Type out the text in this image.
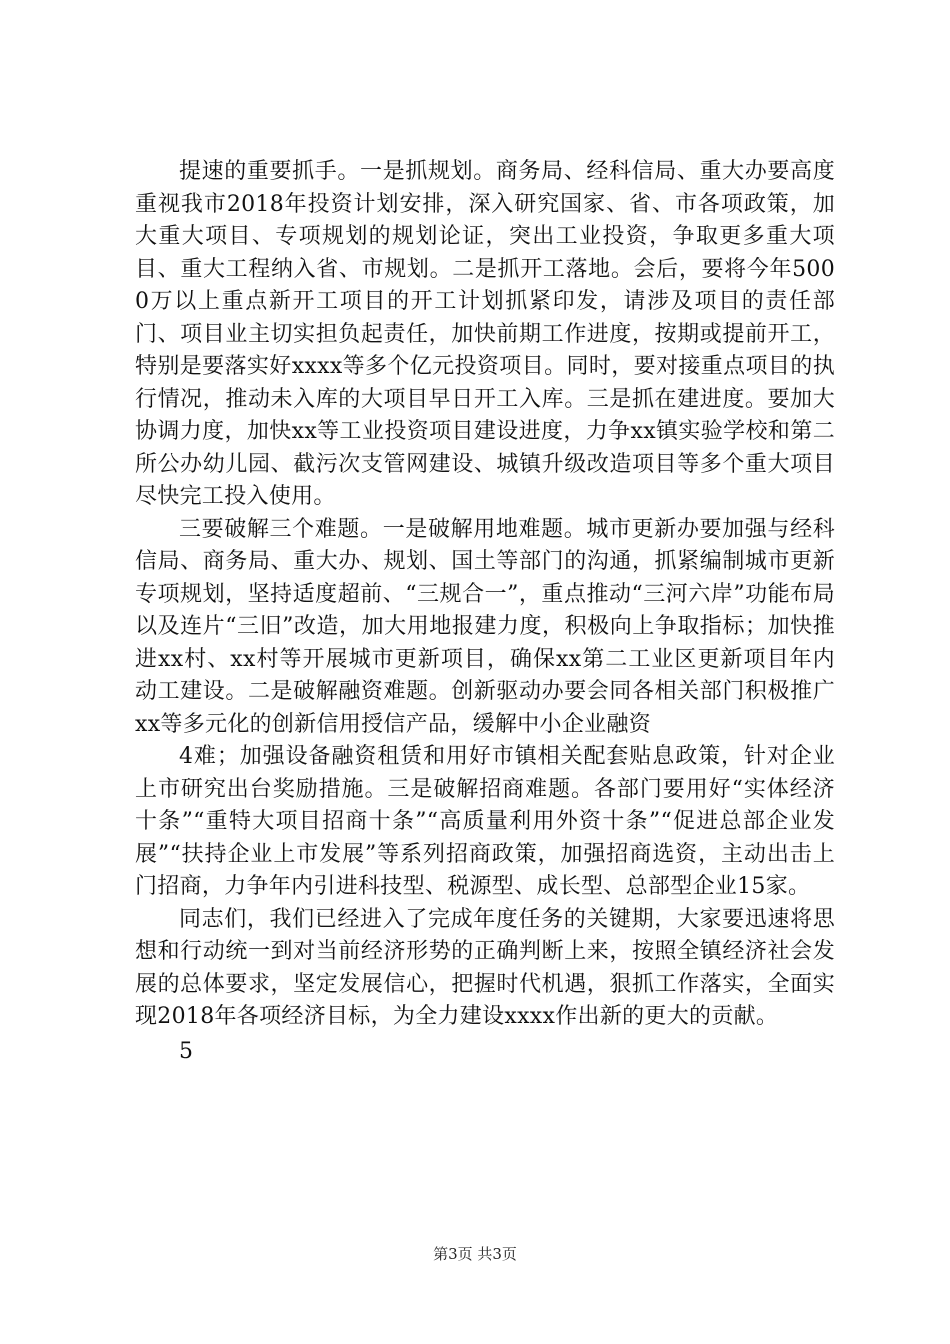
提速的重要抓手。一是抓规划。商务局、经科信局、重大办要高度重视我市2018年投资计划安排，深入研究国家、省、市各项政策，加大重大项目、专项规划的规划论证，突出工业投资，争取更多重大项目、重大工程纳入省、市规划。二是抓开工落地。会后，要将今年5000万以上重点新开工项目的开工计划抓紧印发，请涉及项目的责任部门、项目业主切实担负起责任，加快前期工作进度，按期或提前开工，特别是要落实好xxxx等多个亿元投资项目。同时，要对接重点项目的执行情况，推动未入库的大项目早日开工入库。三是抓在建进度。要加大协调力度，加快xx等工业投资项目建设进度，力争xx镇实验学校和第二所公办幼儿园、截污次支管网建设、城镇升级改造项目等多个重大项目尽快完工投入使用。

三要破解三个难题。一是破解用地难题。城市更新办要加强与经科信局、商务局、重大办、规划、国土等部门的沟通，抓紧编制城市更新专项规划，坚持适度超前、“三规合一”，重点推动“三河六岸”功能布局以及连片“三旧”改造，加大用地报建力度，积极向上争取指标；加快推进xx村、xx村等开展城市更新项目，确保xx第二工业区更新项目年内动工建设。二是破解融资难题。创新驱动办要会同各相关部门积极推广xx等多元化的创新信用授信产品，缓解中小企业融资

4难；加强设备融资租赁和用好市镇相关配套贴息政策，针对企业上市研究出台奖励措施。三是破解招商难题。各部门要用好“实体经济十条”“重特大项目招商十条”“高质量利用外资十条”“促进总部企业发展”“扶持企业上市发展”等系列招商政策，加强招商选资，主动出击上门招商，力争年内引进科技型、税源型、成长型、总部型企业15家。

同志们，我们已经进入了完成年度任务的关键期，大家要迅速将思想和行动统一到对当前经济形势的正确判断上来，按照全镇经济社会发展的总体要求，坚定发展信心，把握时代机遇，狠抓工作落实，全面实现2018年各项经济目标，为全力建设xxxx作出新的更大的贡献。

5

第3页 共3页
